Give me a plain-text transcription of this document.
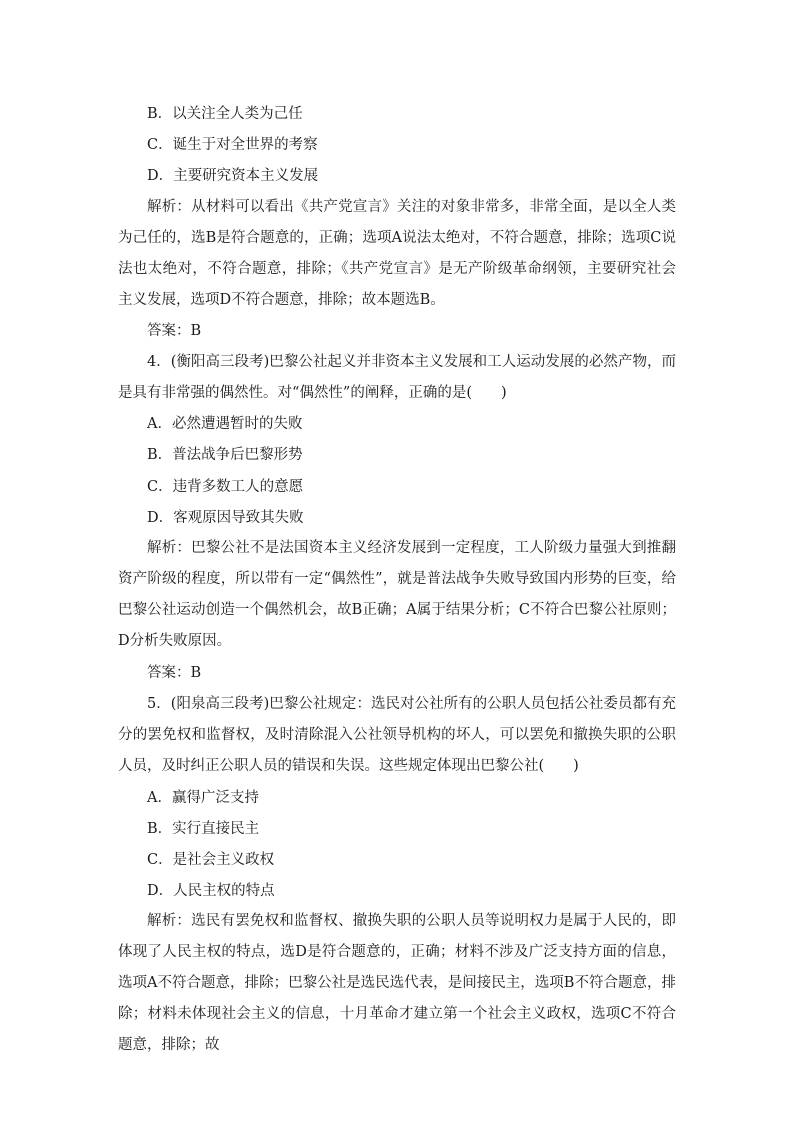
B．以关注全人类为己任
C．诞生于对全世界的考察
D．主要研究资本主义发展
解析：从材料可以看出《共产党宣言》关注的对象非常多，非常全面，是以全人类为己任的，选B是符合题意的，正确；选项A说法太绝对，不符合题意，排除；选项C说法也太绝对，不符合题意，排除；《共产党宣言》是无产阶级革命纲领，主要研究社会主义发展，选项D不符合题意，排除；故本题选B。
答案：B
4．(衡阳高三段考)巴黎公社起义并非资本主义发展和工人运动发展的必然产物，而是具有非常强的偶然性。对“偶然性”的阐释，正确的是(　　)
A．必然遭遇暂时的失败
B．普法战争后巴黎形势
C．违背多数工人的意愿
D．客观原因导致其失败
解析：巴黎公社不是法国资本主义经济发展到一定程度，工人阶级力量强大到推翻资产阶级的程度，所以带有一定“偶然性”，就是普法战争失败导致国内形势的巨变，给巴黎公社运动创造一个偶然机会，故B正确；A属于结果分析；C不符合巴黎公社原则；D分析失败原因。
答案：B
5．(阳泉高三段考)巴黎公社规定：选民对公社所有的公职人员包括公社委员都有充分的罢免权和监督权，及时清除混入公社领导机构的坏人，可以罢免和撤换失职的公职人员，及时纠正公职人员的错误和失误。这些规定体现出巴黎公社(　　)
A．赢得广泛支持
B．实行直接民主
C．是社会主义政权
D．人民主权的特点
解析：选民有罢免权和监督权、撤换失职的公职人员等说明权力是属于人民的，即体现了人民主权的特点，选D是符合题意的，正确；材料不涉及广泛支持方面的信息，选项A不符合题意，排除；巴黎公社是选民选代表，是间接民主，选项B不符合题意，排除；材料未体现社会主义的信息，十月革命才建立第一个社会主义政权，选项C不符合题意，排除；故
